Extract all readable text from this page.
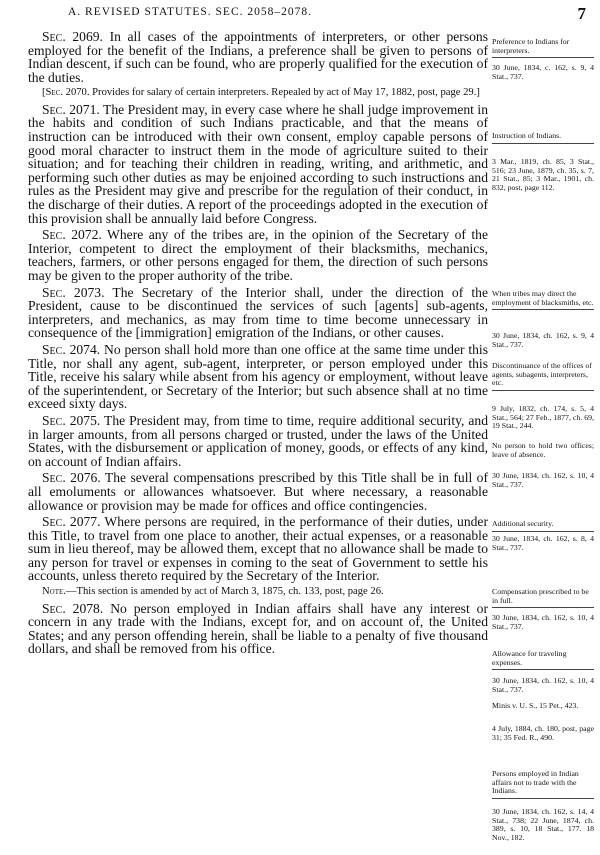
A. REVISED STATUTES. SEC. 2058–2078.	7

Sec. 2069. In all cases of the appointments of interpreters, or other persons employed for the benefit of the Indians, a preference shall be given to persons of Indian descent, if such can be found, who are properly qualified for the execution of the duties.

[Sec. 2070. Provides for salary of certain interpreters. Repealed by act of May 17, 1882, post, page 29.]

Sec. 2071. The President may, in every case where he shall judge improvement in the habits and condition of such Indians practicable, and that the means of instruction can be introduced with their own consent, employ capable persons of good moral character to instruct them in the mode of agriculture suited to their situation; and for teaching their children in reading, writing, and arithmetic, and performing such other duties as may be enjoined according to such instructions and rules as the President may give and prescribe for the regulation of their conduct, in the discharge of their duties. A report of the proceedings adopted in the execution of this provision shall be annually laid before Congress.

Sec. 2072. Where any of the tribes are, in the opinion of the Secretary of the Interior, competent to direct the employment of their blacksmiths, mechanics, teachers, farmers, or other persons engaged for them, the direction of such persons may be given to the proper authority of the tribe.

Sec. 2073. The Secretary of the Interior shall, under the direction of the President, cause to be discontinued the services of such [agents] sub-agents, interpreters, and mechanics, as may from time to time become unnecessary in consequence of the [immigration] emigration of the Indians, or other causes.

Sec. 2074. No person shall hold more than one office at the same time under this Title, nor shall any agent, sub-agent, interpreter, or person employed under this Title, receive his salary while absent from his agency or employment, without leave of the superintendent, or Secretary of the Interior; but such absence shall at no time exceed sixty days.

Sec. 2075. The President may, from time to time, require additional security, and in larger amounts, from all persons charged or trusted, under the laws of the United States, with the disbursement or application of money, goods, or effects of any kind, on account of Indian affairs.

Sec. 2076. The several compensations prescribed by this Title shall be in full of all emoluments or allowances whatsoever. But where necessary, a reasonable allowance or provision may be made for offices and office contingencies.

Sec. 2077. Where persons are required, in the performance of their duties, under this Title, to travel from one place to another, their actual expenses, or a reasonable sum in lieu thereof, may be allowed them, except that no allowance shall be made to any person for travel or expenses in coming to the seat of Government to settle his accounts, unless thereto required by the Secretary of the Interior.

Note.—This section is amended by act of March 3, 1875, ch. 133, post, page 26.

Sec. 2078. No person employed in Indian affairs shall have any interest or concern in any trade with the Indians, except for, and on account of, the United States; and any person offending herein, shall be liable to a penalty of five thousand dollars, and shall be removed from his office.

Preference to Indians for interpreters.
30 June, 1834, c. 162, s. 9, 4 Stat., 737.
Instruction of Indians.
3 Mar., 1819, ch. 85, 3 Stat., 516; 23 June, 1879, ch. 35, s. 7, 21 Stat., 85; 3 Mar., 1901, ch. 832, post, page 112.
When tribes may direct the employment of blacksmiths, etc.
30 June, 1834, ch. 162, s. 9, 4 Stat., 737.
Discontinuance of the offices of agents, subagents, interpreters, etc.
9 July, 1832, ch. 174, s. 5, 4 Stat., 564; 27 Feb., 1877, ch. 69, 19 Stat., 244.
No person to hold two offices; leave of absence.
30 June, 1834, ch. 162, s. 10, 4 Stat., 737.
Additional security.
30 June, 1834, ch. 162, s. 8, 4 Stat., 737.
Compensation prescribed to be in full.
30 June, 1834, ch. 162, s. 10, 4 Stat., 737.
Allowance for traveling expenses.
30 June, 1834, ch. 162, s. 10, 4 Stat., 737.
Minis v. U. S., 15 Pet., 423.
4 July, 1884, ch. 180, post, page 31; 35 Fed. R., 490.
Persons employed in Indian affairs not to trade with the Indians.
30 June, 1834, ch. 162, s. 14, 4 Stat., 738; 22 June, 1874, ch. 389, s. 10, 18 Stat., 177. 18 Nov., 182.
